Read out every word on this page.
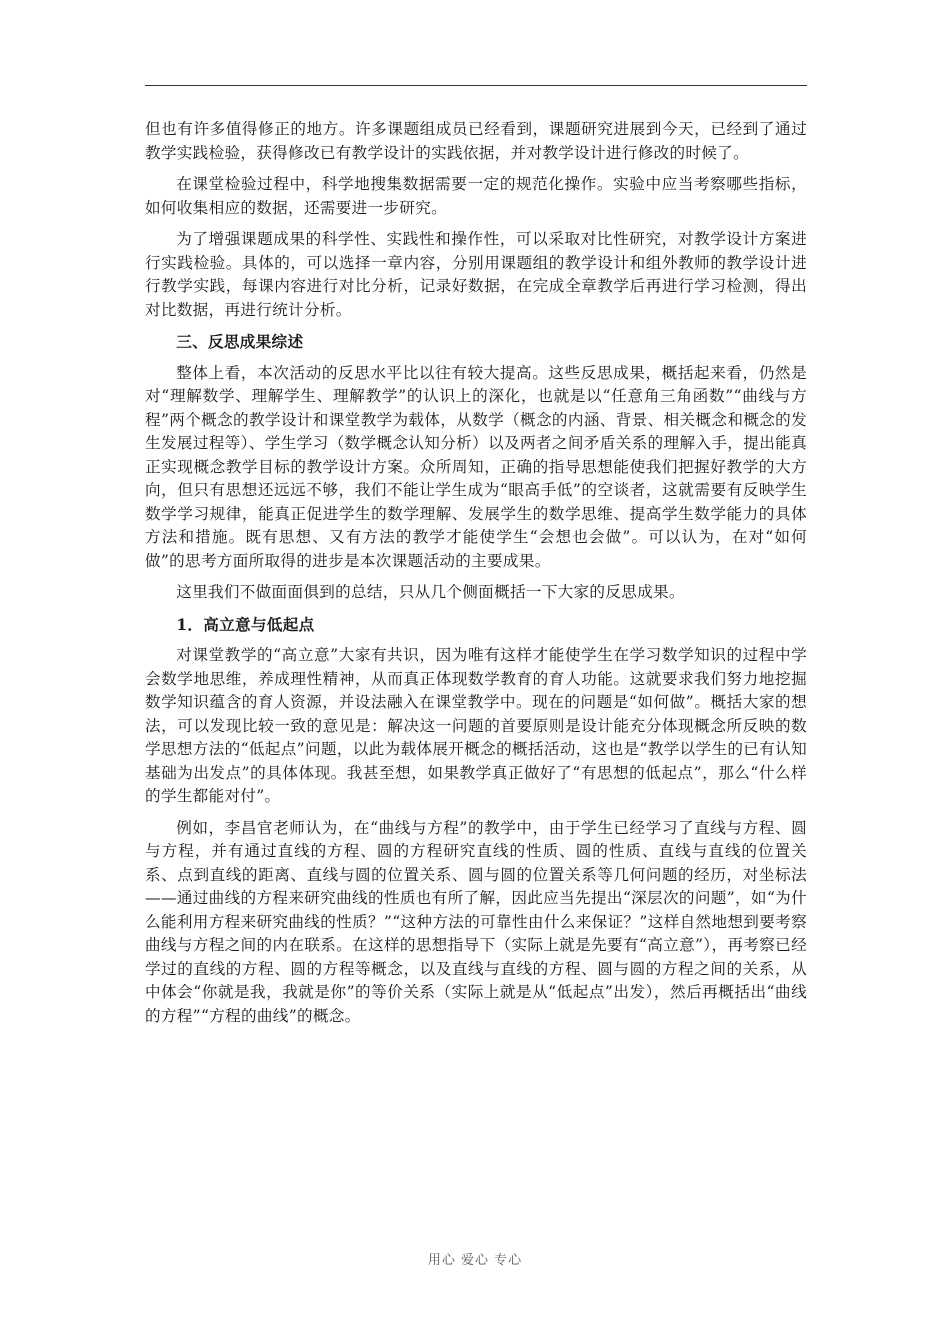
但也有许多值得修正的地方。许多课题组成员已经看到，课题研究进展到今天，已经到了通过教学实践检验，获得修改已有教学设计的实践依据，并对教学设计进行修改的时候了。

在课堂检验过程中，科学地搜集数据需要一定的规范化操作。实验中应当考察哪些指标，如何收集相应的数据，还需要进一步研究。

为了增强课题成果的科学性、实践性和操作性，可以采取对比性研究，对教学设计方案进行实践检验。具体的，可以选择一章内容，分别用课题组的教学设计和组外教师的教学设计进行教学实践，每课内容进行对比分析，记录好数据，在完成全章教学后再进行学习检测，得出对比数据，再进行统计分析。

三、反思成果综述

整体上看，本次活动的反思水平比以往有较大提高。这些反思成果，概括起来看，仍然是对“理解数学、理解学生、理解教学”的认识上的深化，也就是以“任意角三角函数”“曲线与方程”两个概念的教学设计和课堂教学为载体，从数学（概念的内涵、背景、相关概念和概念的发生发展过程等）、学生学习（数学概念认知分析）以及两者之间矛盾关系的理解入手，提出能真正实现概念教学目标的教学设计方案。众所周知，正确的指导思想能使我们把握好教学的大方向，但只有思想还远远不够，我们不能让学生成为“眼高手低”的空谈者，这就需要有反映学生数学学习规律，能真正促进学生的数学理解、发展学生的数学思维、提高学生数学能力的具体方法和措施。既有思想、又有方法的教学才能使学生“会想也会做”。可以认为，在对“如何做”的思考方面所取得的进步是本次课题活动的主要成果。

这里我们不做面面俱到的总结，只从几个侧面概括一下大家的反思成果。

1．高立意与低起点

对课堂教学的“高立意”大家有共识，因为唯有这样才能使学生在学习数学知识的过程中学会数学地思维，养成理性精神，从而真正体现数学教育的育人功能。这就要求我们努力地挖掘数学知识蕴含的育人资源，并设法融入在课堂教学中。现在的问题是“如何做”。概括大家的想法，可以发现比较一致的意见是：解决这一问题的首要原则是设计能充分体现概念所反映的数学思想方法的“低起点”问题，以此为载体展开概念的概括活动，这也是“教学以学生的已有认知基础为出发点”的具体体现。我甚至想，如果教学真正做好了“有思想的低起点”，那么“什么样的学生都能对付”。

例如，李昌官老师认为，在“曲线与方程”的教学中，由于学生已经学习了直线与方程、圆与方程，并有通过直线的方程、圆的方程研究直线的性质、圆的性质、直线与直线的位置关系、点到直线的距离、直线与圆的位置关系、圆与圆的位置关系等几何问题的经历，对坐标法——通过曲线的方程来研究曲线的性质也有所了解，因此应当先提出“深层次的问题”，如“为什么能利用方程来研究曲线的性质？”“这种方法的可靠性由什么来保证？”这样自然地想到要考察曲线与方程之间的内在联系。在这样的思想指导下（实际上就是先要有“高立意”），再考察已经学过的直线的方程、圆的方程等概念，以及直线与直线的方程、圆与圆的方程之间的关系，从中体会“你就是我，我就是你”的等价关系（实际上就是从“低起点”出发），然后再概括出“曲线的方程”“方程的曲线”的概念。

用心 爱心 专心
